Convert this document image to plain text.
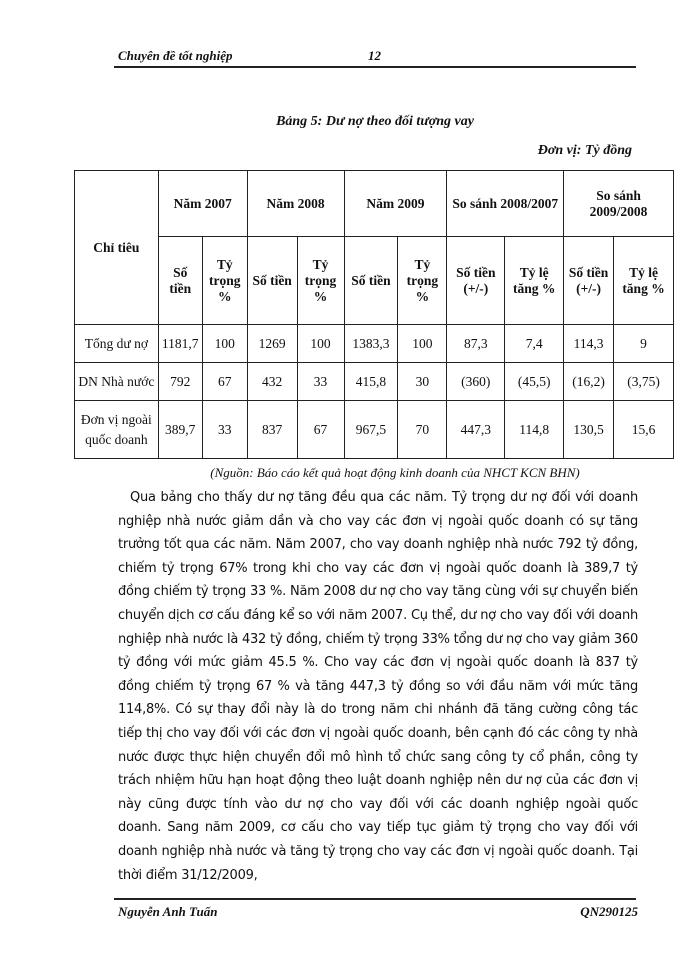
Chuyên đề tốt nghiệp	12
Bảng 5: Dư nợ theo đối tượng vay
Đơn vị: Tỷ đồng
Chỉ tiêu	Năm 2007		Năm 2008		Năm 2009		So sánh 2008/2007		So sánh 2009/2008	
	Số tiền	Tỷ trọng %	Số tiền	Tỷ trọng %	Số tiền	Tỷ trọng %	Số tiền (+/-)	Tỷ lệ tăng %	Số tiền (+/-)	Tỷ lệ tăng %
Tổng dư nợ	1181,7	100	1269	100	1383,3	100	87,3	7,4	114,3	9
DN Nhà nước	792	67	432	33	415,8	30	(360)	(45,5)	(16,2)	(3,75)
Đơn vị ngoài quốc doanh	389,7	33	837	67	967,5	70	447,3	114,8	130,5	15,6
(Nguồn: Báo cáo kết quả hoạt động kinh doanh của NHCT KCN BHN)
Qua bảng cho thấy dư nợ tăng đều qua các năm. Tỷ trọng dư nợ đối với doanh nghiệp nhà nước giảm dần và cho vay các đơn vị ngoài quốc doanh có sự tăng trưởng tốt qua các năm. Năm 2007, cho vay doanh nghiệp nhà nước 792 tỷ đồng, chiếm tỷ trọng 67% trong khi cho vay các đơn vị ngoài quốc doanh là 389,7 tỷ đồng chiếm tỷ trọng 33 %. Năm 2008 dư nợ cho vay tăng cùng với sự chuyển biến chuyển dịch cơ cấu đáng kể so với năm 2007. Cụ thể, dư nợ cho vay đối với doanh nghiệp nhà nước là 432 tỷ đồng, chiếm tỷ trọng 33% tổng dư nợ cho vay giảm 360 tỷ đồng với mức giảm 45.5 %. Cho vay các đơn vị ngoài quốc doanh là 837 tỷ đồng chiếm tỷ trọng 67 % và tăng 447,3 tỷ đồng so với đầu năm với mức tăng 114,8%. Có sự thay đổi này là do trong năm chi nhánh đã tăng cường công tác tiếp thị cho vay đối với các đơn vị ngoài quốc doanh, bên cạnh đó các công ty nhà nước được thực hiện chuyển đổi mô hình tổ chức sang công ty cổ phần, công ty trách nhiệm hữu hạn hoạt động theo luật doanh nghiệp nên dư nợ của các đơn vị này cũng được tính vào dư nợ cho vay đối với các doanh nghiệp ngoài quốc doanh. Sang năm 2009, cơ cấu cho vay tiếp tục giảm tỷ trọng cho vay đối với doanh nghiệp nhà nước và tăng tỷ trọng cho vay các đơn vị ngoài quốc doanh. Tại thời điểm 31/12/2009,
Nguyễn Anh Tuấn	QN290125
